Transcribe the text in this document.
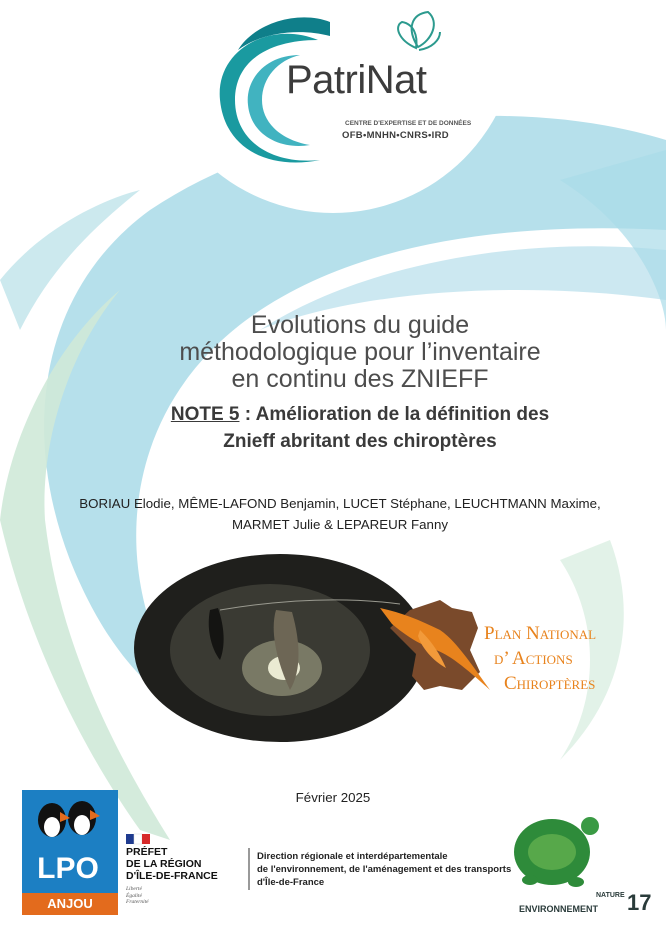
PatriNat
CENTRE D'EXPERTISE ET DE DONNÉES
OFB•MNHN•CNRS•IRD
Evolutions du guide
méthodologique pour l’inventaire
en continu des ZNIEFF
NOTE 5 : Amélioration de la définition des
Znieff abritant des chiroptères
BORIAU Elodie, MÊME-LAFOND Benjamin, LUCET Stéphane, LEUCHTMANN Maxime,
MARMET Julie & LEPAREUR Fanny
Plan National
d’ Actions
Chiroptères
Février 2025
LPO
ANJOU
PRÉFET
DE LA RÉGION
D'ÎLE-DE-FRANCE
Liberté
Égalité
Fraternité
Direction régionale et interdépartementale
de l'environnement, de l'aménagement et des transports
d'Île-de-France
NATURE
ENVIRONNEMENT 17
